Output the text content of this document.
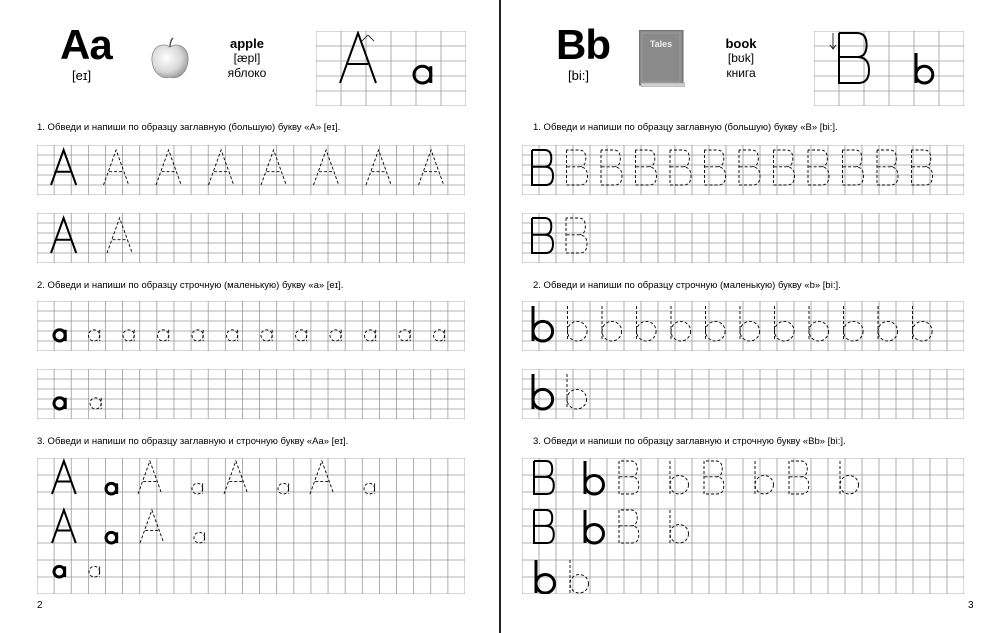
Aa
[eɪ]
apple
[æpl]
яблоко
1. Обведи и напиши по образцу заглавную (большую) букву «A» [eɪ].
2. Обведи и напиши по образцу строчную (маленькую) букву «a» [eɪ].
3. Обведи и напиши по образцу заглавную и строчную букву «Aa» [eɪ].
2
Bb
[bi:]
Tales	book
[bʊk]
книга
1. Обведи и напиши по образцу заглавную (большую) букву «B» [bi:].
2. Обведи и напиши по образцу строчную (маленькую) букву «b» [bi:].
3. Обведи и напиши по образцу заглавную и строчную букву «Bb» [bi:].
3
